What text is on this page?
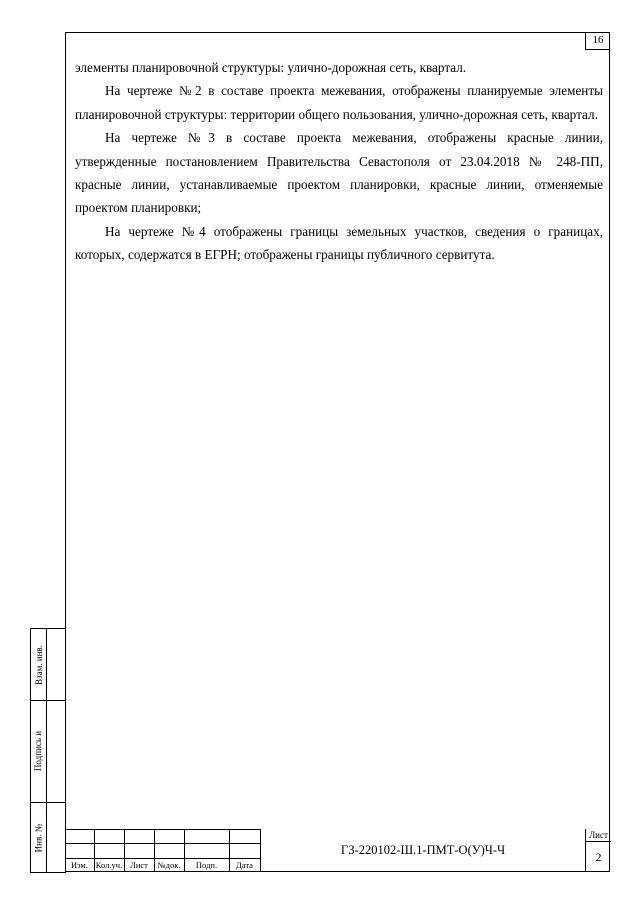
16

элементы планировочной структуры: улично-дорожная сеть, квартал.

На чертеже №2 в составе проекта межевания, отображены планируемые элементы планировочной структуры: территории общего пользования, улично-дорожная сеть, квартал.

На чертеже №3 в составе проекта межевания, отображены красные линии, утвержденные постановлением Правительства Севастополя от 23.04.2018 № 248-ПП, красные линии, устанавливаемые проектом планировки, красные линии, отменяемые проектом планировки;

На чертеже №4 отображены границы земельных участков, сведения о границах, которых, содержатся в ЕГРН; отображены границы публичного сервитута.

Взам. инв.
Подпись и
Инв. №
Изм. Кол.уч. Лист	№док.	Подп.	Дата
ГЗ-220102-Ш.1-ПМТ-О(У)Ч-Ч
Лист
2
